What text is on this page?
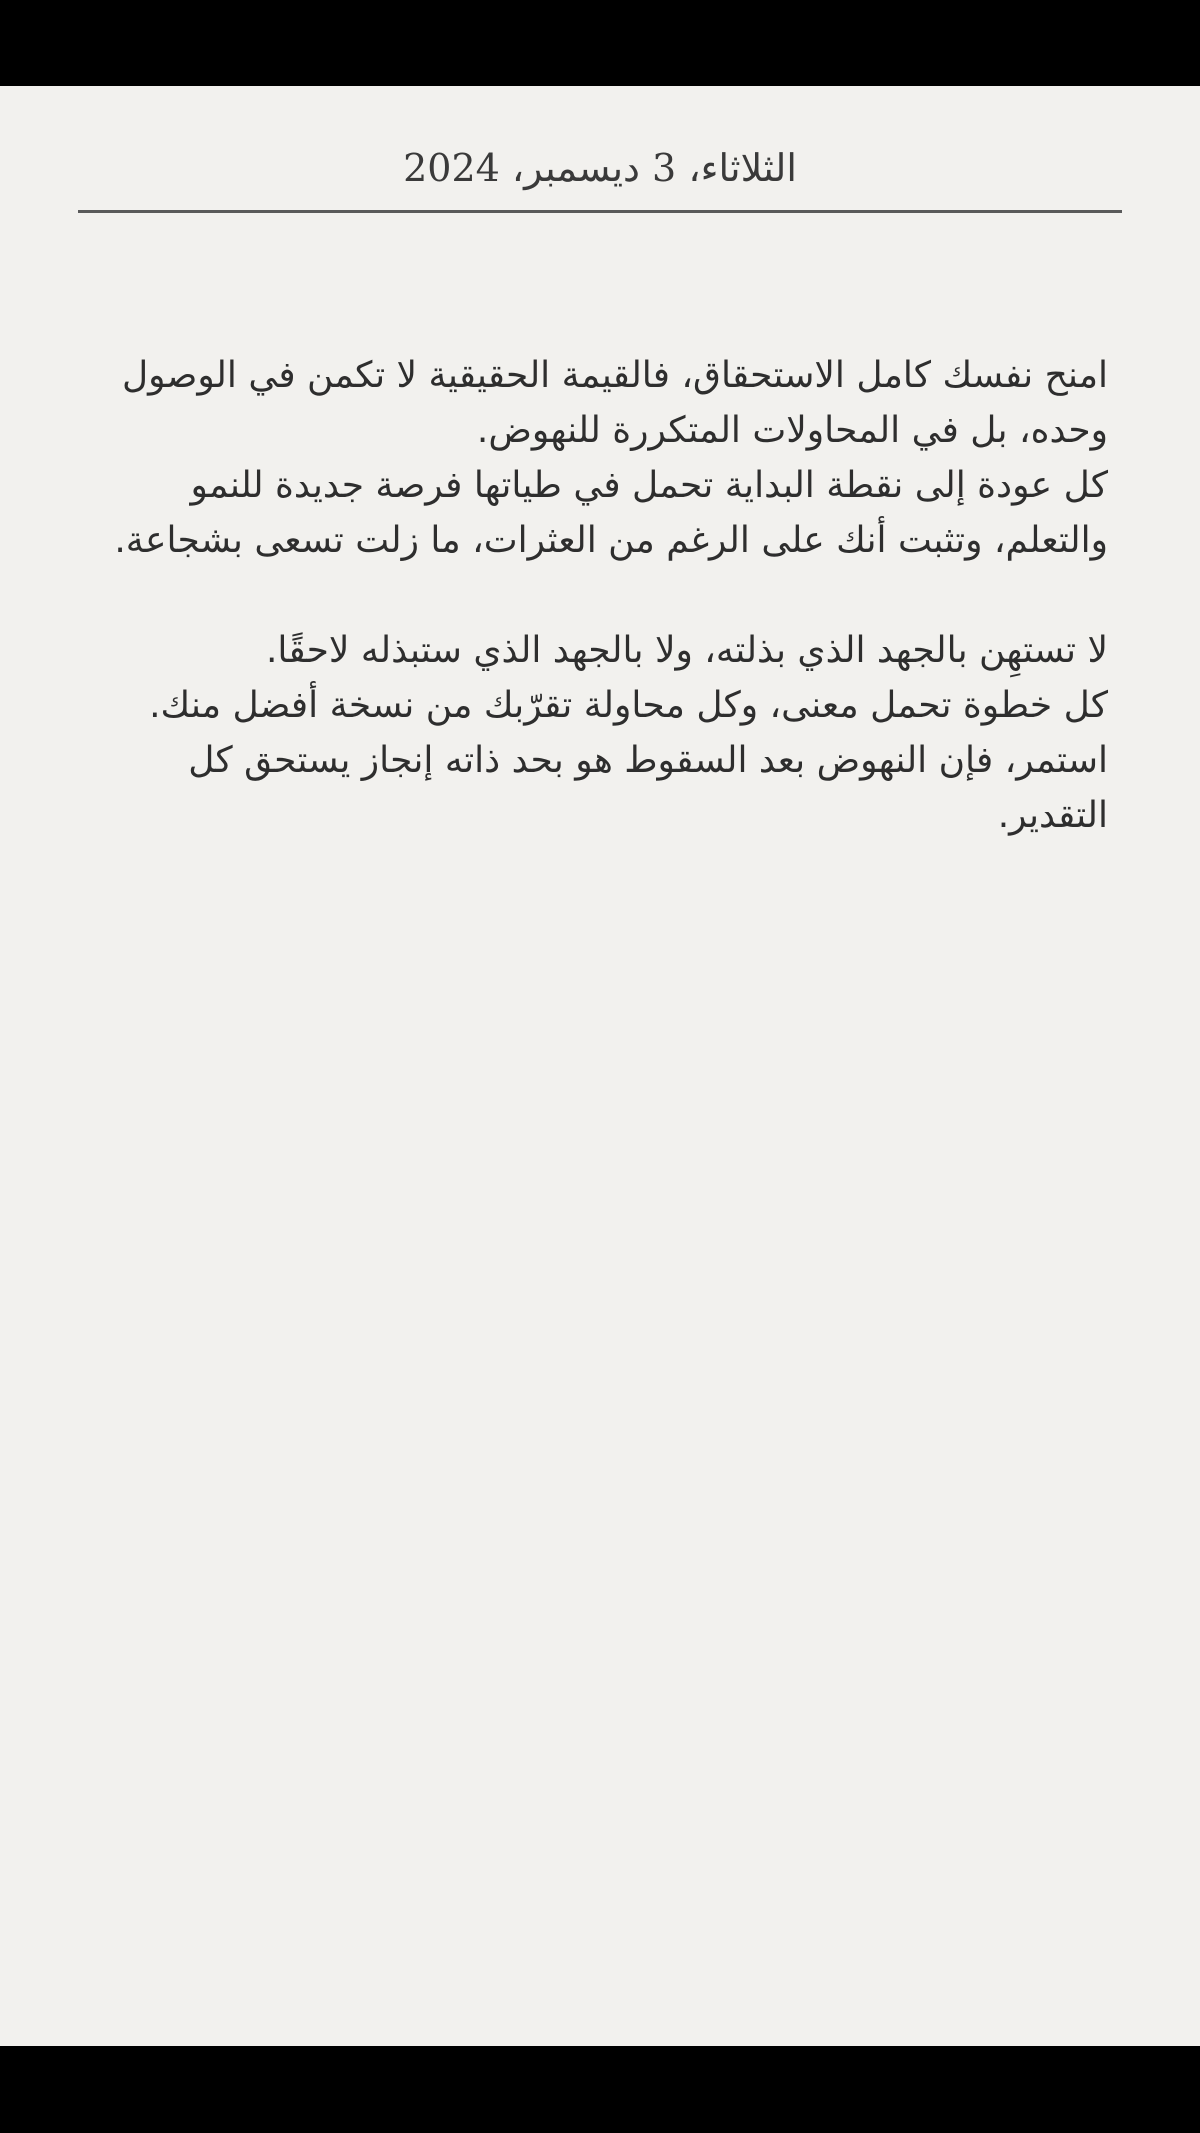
الثلاثاء، 3 ديسمبر، 2024

امنح نفسك كامل الاستحقاق، فالقيمة الحقيقية لا تكمن في الوصول وحده، بل في المحاولات المتكررة للنهوض.

كل عودة إلى نقطة البداية تحمل في طياتها فرصة جديدة للنمو والتعلم، وتثبت أنك على الرغم من العثرات، ما زلت تسعى بشجاعة.

لا تستهِن بالجهد الذي بذلته، ولا بالجهد الذي ستبذله لاحقًا.

كل خطوة تحمل معنى، وكل محاولة تقرّبك من نسخة أفضل منك.

استمر، فإن النهوض بعد السقوط هو بحد ذاته إنجاز يستحق كل التقدير.
